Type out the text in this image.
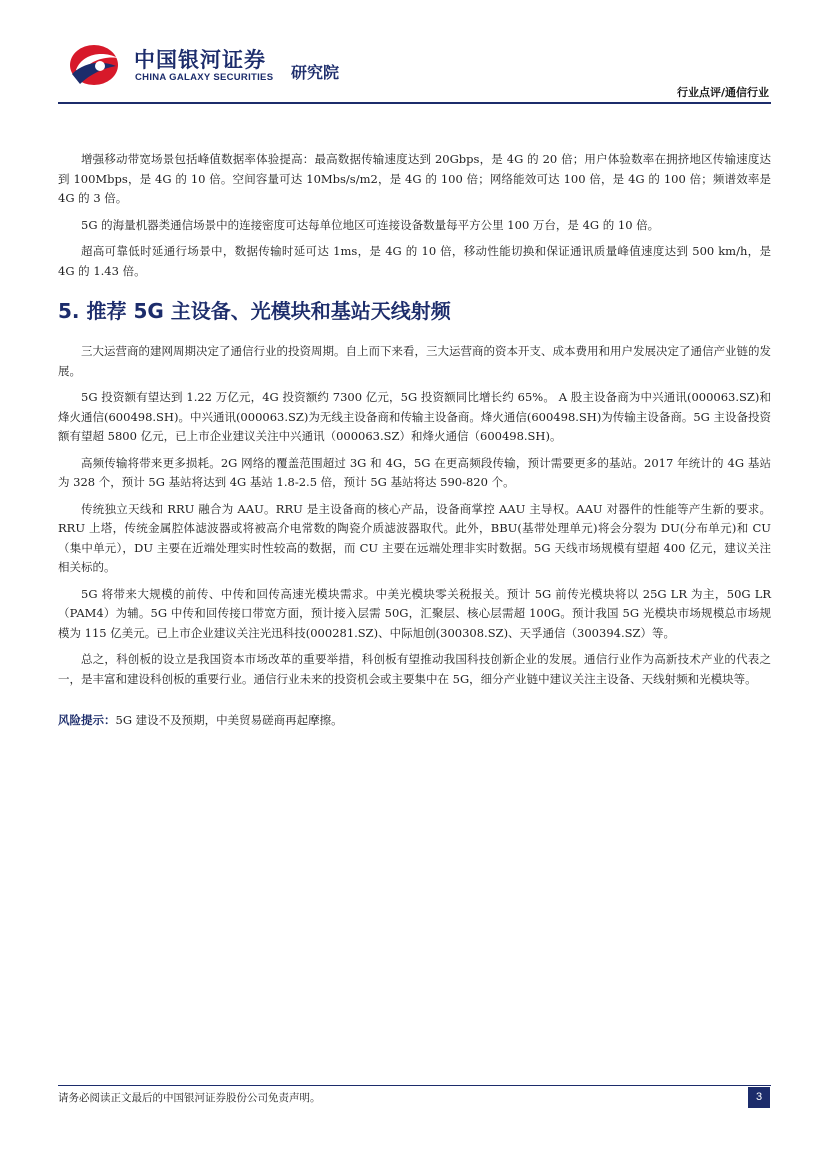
中国银河证券
CHINA GALAXY SECURITIES 研究院
行业点评/通信行业

增强移动带宽场景包括峰值数据率体验提高：最高数据传输速度达到 20Gbps，是 4G 的 20 倍；用户体验数率在拥挤地区传输速度达到 100Mbps，是 4G 的 10 倍。空间容量可达 10Mbs/s/m2，是 4G 的 100 倍；网络能效可达 100 倍，是 4G 的 100 倍；频谱效率是 4G 的 3 倍。

5G 的海量机器类通信场景中的连接密度可达每单位地区可连接设备数量每平方公里 100 万台，是 4G 的 10 倍。

超高可靠低时延通行场景中，数据传输时延可达 1ms，是 4G 的 10 倍，移动性能切换和保证通讯质量峰值速度达到 500 km/h，是 4G 的 1.43 倍。

5. 推荐 5G 主设备、光模块和基站天线射频

三大运营商的建网周期决定了通信行业的投资周期。自上而下来看，三大运营商的资本开支、成本费用和用户发展决定了通信产业链的发展。

5G 投资额有望达到 1.22 万亿元，4G 投资额约 7300 亿元，5G 投资额同比增长约 65%。 A 股主设备商为中兴通讯(000063.SZ)和烽火通信(600498.SH)。中兴通讯(000063.SZ)为无线主设备商和传输主设备商。烽火通信(600498.SH)为传输主设备商。5G 主设备投资额有望超 5800 亿元，已上市企业建议关注中兴通讯（000063.SZ）和烽火通信（600498.SH)。

高频传输将带来更多损耗。2G 网络的覆盖范围超过 3G 和 4G，5G 在更高频段传输，预计需要更多的基站。2017 年统计的 4G 基站为 328 个，预计 5G 基站将达到 4G 基站 1.8-2.5 倍，预计 5G 基站将达 590-820 个。

传统独立天线和 RRU 融合为 AAU。RRU 是主设备商的核心产品，设备商掌控 AAU 主导权。AAU 对器件的性能等产生新的要求。RRU 上塔，传统金属腔体滤波器或将被高介电常数的陶瓷介质滤波器取代。此外，BBU(基带处理单元)将会分裂为 DU(分布单元)和 CU（集中单元），DU 主要在近端处理实时性较高的数据，而 CU 主要在远端处理非实时数据。5G 天线市场规模有望超 400 亿元，建议关注相关标的。

5G 将带来大规模的前传、中传和回传高速光模块需求。中美光模块零关税报关。预计 5G 前传光模块将以 25G LR 为主，50G LR（PAM4）为辅。5G 中传和回传接口带宽方面，预计接入层需 50G，汇聚层、核心层需超 100G。预计我国 5G 光模块市场规模总市场规模为 115 亿美元。已上市企业建议关注光迅科技(000281.SZ)、中际旭创(300308.SZ)、天孚通信（300394.SZ）等。

总之，科创板的设立是我国资本市场改革的重要举措，科创板有望推动我国科技创新企业的发展。通信行业作为高新技术产业的代表之一，是丰富和建设科创板的重要行业。通信行业未来的投资机会或主要集中在 5G，细分产业链中建议关注主设备、天线射频和光模块等。

风险提示：5G 建设不及预期，中美贸易磋商再起摩擦。
请务必阅读正文最后的中国银河证券股份公司免责声明。	3
